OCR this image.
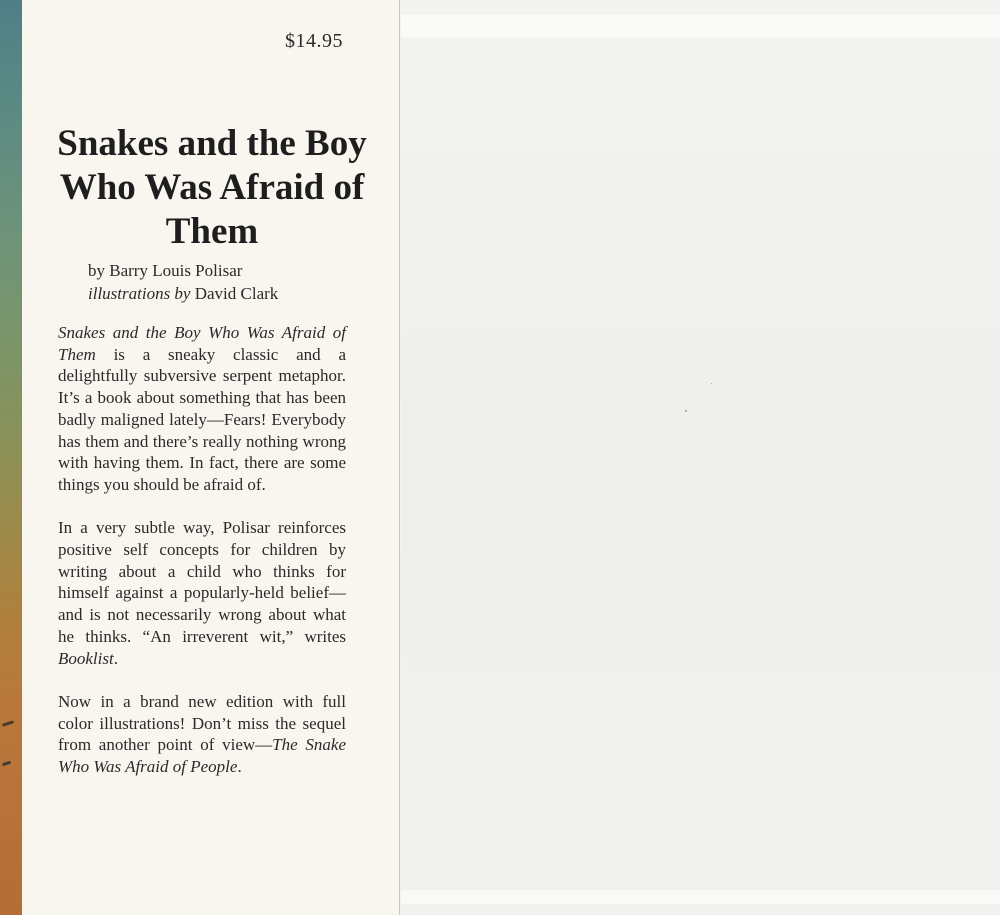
$14.95
Snakes and the Boy Who Was Afraid of Them
by Barry Louis Polisar
illustrations by David Clark

Snakes and the Boy Who Was Afraid of Them is a sneaky classic and a delightfully subversive serpent metaphor. It’s a book about something that has been badly maligned lately—Fears! Everybody has them and there’s really nothing wrong with having them. In fact, there are some things you should be afraid of.

In a very subtle way, Polisar reinforces positive self concepts for children by writing about a child who thinks for himself against a popularly-held belief—and is not necessarily wrong about what he thinks. “An irreverent wit,” writes Booklist.

Now in a brand new edition with full color illustrations! Don’t miss the sequel from another point of view—The Snake Who Was Afraid of People.
